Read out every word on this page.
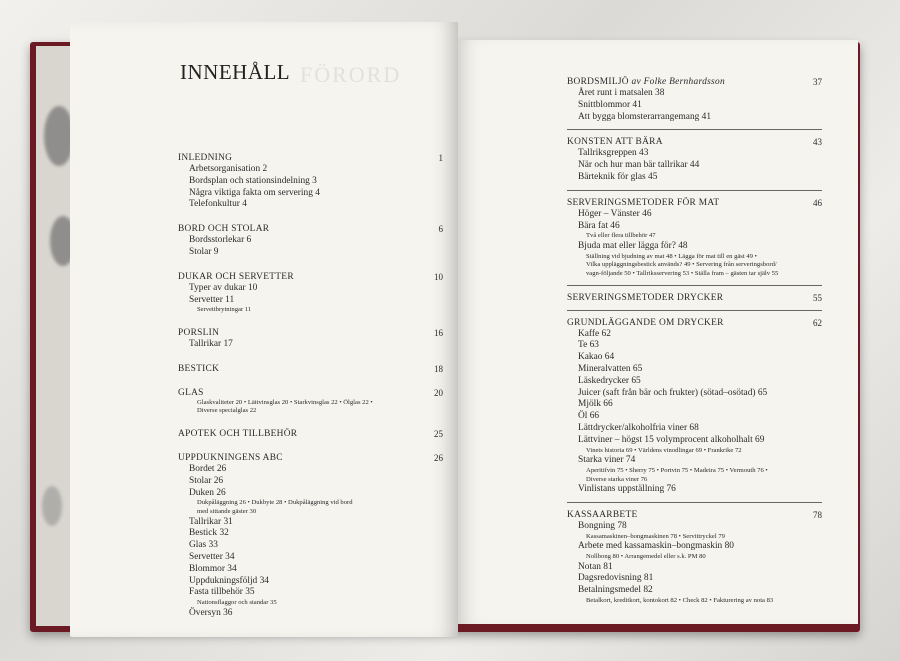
FÖRORD
INNEHÅLL
INLEDNING	1
Arbetsorganisation 2
Bordsplan och stationsindelning 3
Några viktiga fakta om servering 4
Telefonkultur 4
BORD OCH STOLAR	6
Bordsstorlekar 6
Stolar 9
DUKAR OCH SERVETTER	10
Typer av dukar 10
Servetter 11
Servettbrytningar 11
PORSLIN	16
Tallrikar 17
BESTICK	18
GLAS	20
Glaskvaliteter 20 • Lättvinsglas 20 • Starkvinsglas 22 • Ölglas 22 •
Diverse specialglas 22
APOTEK OCH TILLBEHÖR	25
UPPDUKNINGENS ABC	26
Bordet 26
Stolar 26
Duken 26
Dukpåläggning 26 • Dukbyte 28 • Dukpåläggning vid bord
med sittande gäster 30
Tallrikar 31
Bestick 32
Glas 33
Servetter 34
Blommor 34
Uppdukningsföljd 34
Fasta tillbehör 35
Nationsflaggor och standar 35
Översyn 36
BORDSMILJÖ av Folke Bernhardsson	37
Året runt i matsalen 38
Snittblommor 41
Att bygga blomsterarrangemang 41
KONSTEN ATT BÄRA	43
Tallriksgreppen 43
När och hur man bär tallrikar 44
Bärteknik för glas 45
SERVERINGSMETODER FÖR MAT	46
Höger – Vänster 46
Bära fat 46
Två eller flera tillbehör 47
Bjuda mat eller lägga för? 48
Ställning vid bjudning av mat 48 • Lägga för mat till en gäst 49 •
Vilka uppläggningsbestick används? 49 • Servering från serveringsbord/
vagn-följande 50 • Tallriksservering 53 • Ställa fram – gästen tar själv 55
SERVERINGSMETODER DRYCKER	55
GRUNDLÄGGANDE OM DRYCKER	62
Kaffe 62
Te 63
Kakao 64
Mineralvatten 65
Läskedrycker 65
Juicer (saft från bär och frukter) (sötad–osötad) 65
Mjölk 66
Öl 66
Lättdrycker/alkoholfria viner 68
Lättviner – högst 15 volymprocent alkoholhalt 69
Vinets historia 69 • Världens vinodlingar 69 • Frankrike 72
Starka viner 74
Aperitifvin 75 • Sherry 75 • Portvin 75 • Madeira 75 • Vermouth 76 •
Diverse starka viner 76
Vinlistans uppställning 76
KASSAARBETE	78
Bongning 78
Kassamaskinen–bongmaskinen 78 • Servittryckel 79
Arbete med kassamaskin–bongmaskin 80
Nollbong 80 • Arrangemedel eller s.k. PM 80
Notan 81
Dagsredovisning 81
Betalningsmedel 82
Betalkort, kreditkort, kontokort 82 • Check 82 • Fakturering av nota 83
